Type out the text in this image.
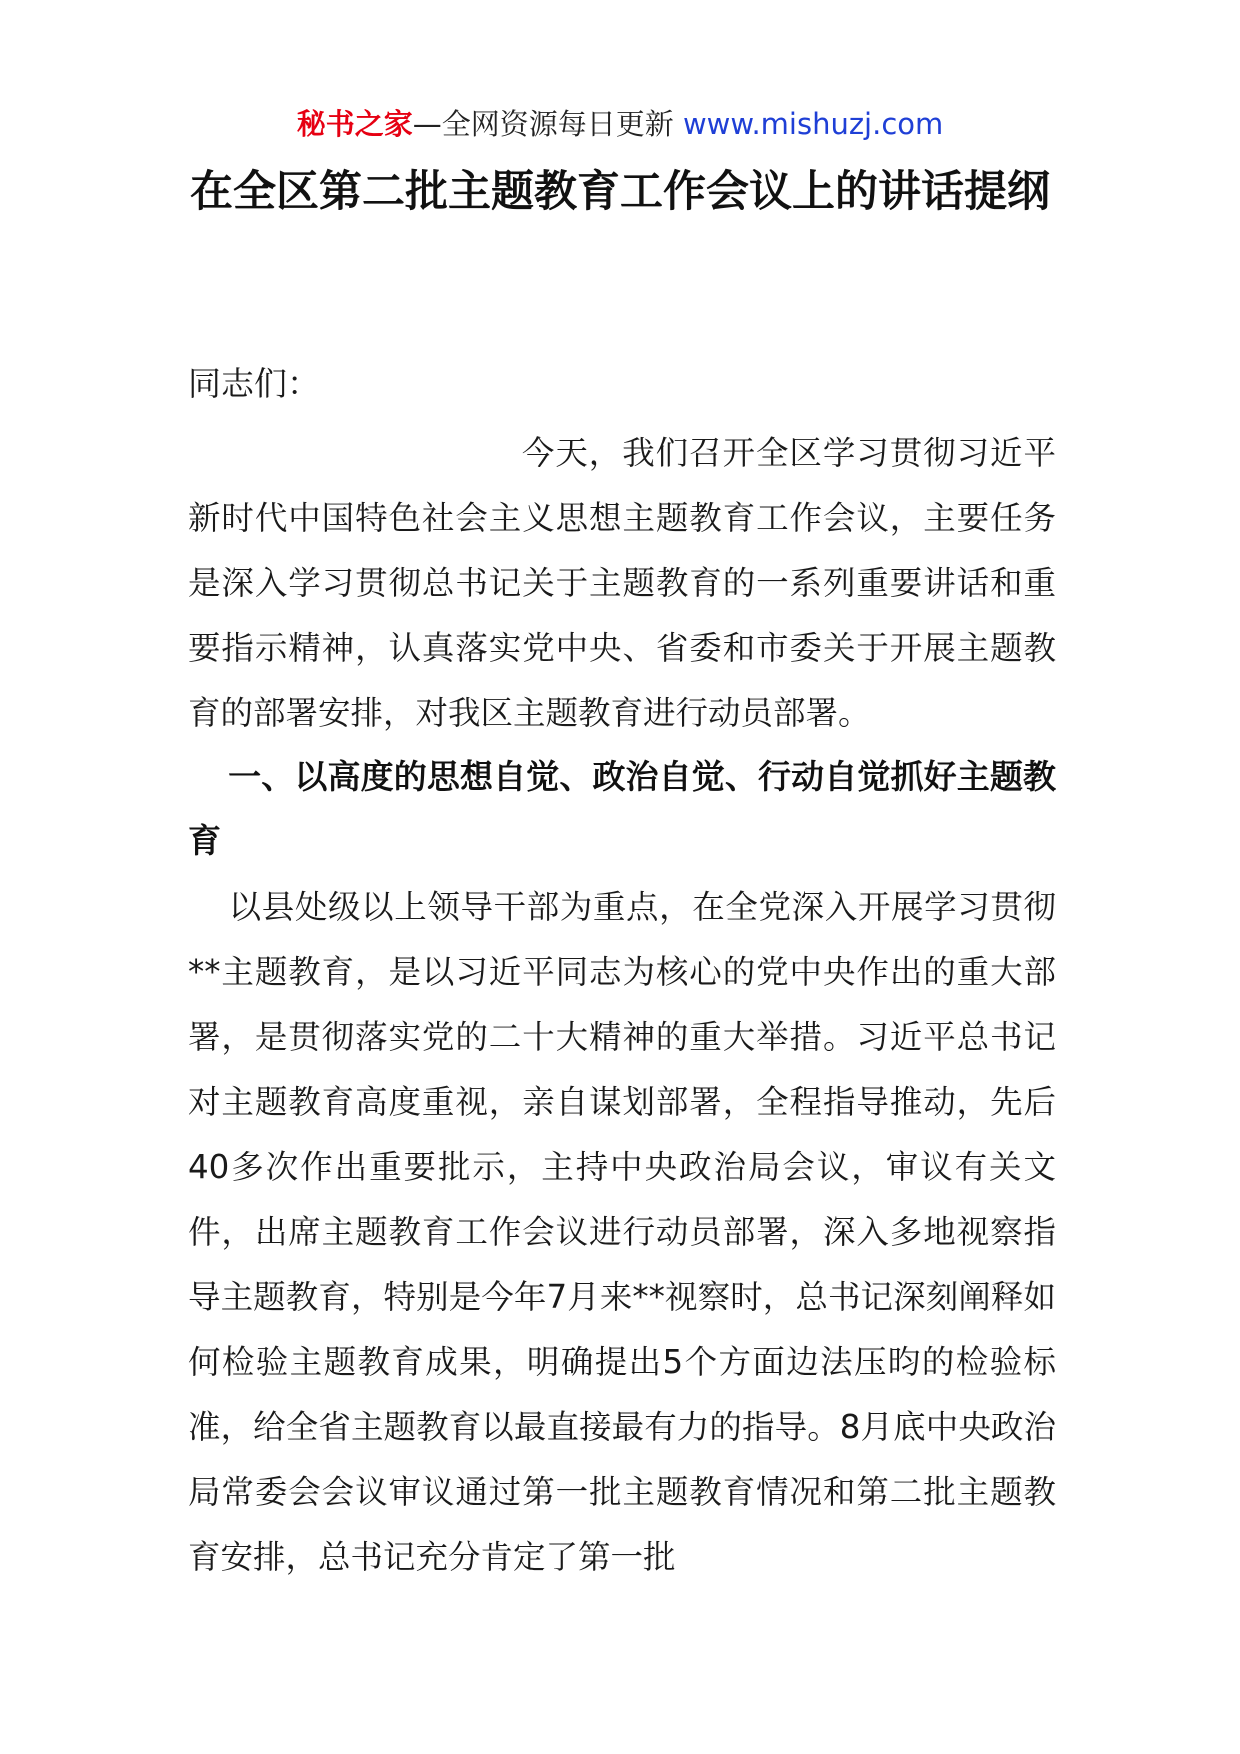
秘书之家—全网资源每日更新 www.mishuzj.com
在全区第二批主题教育工作会议上的讲话提纲
同志们：
今天，我们召开全区学习贯彻习近平新时代中国特色社会主义思想主题教育工作会议，主要任务是深入学习贯彻总书记关于主题教育的一系列重要讲话和重要指示精神，认真落实党中央、省委和市委关于开展主题教育的部署安排，对我区主题教育进行动员部署。
一、以高度的思想自觉、政治自觉、行动自觉抓好主题教育
以县处级以上领导干部为重点，在全党深入开展学习贯彻**主题教育，是以习近平同志为核心的党中央作出的重大部署，是贯彻落实党的二十大精神的重大举措。习近平总书记对主题教育高度重视，亲自谋划部署，全程指导推动，先后40多次作出重要批示，主持中央政治局会议，审议有关文件，出席主题教育工作会议进行动员部署，深入多地视察指导主题教育，特别是今年7月来**视察时，总书记深刻阐释如何检验主题教育成果，明确提出5个方面边法压昀的检验标准，给全省主题教育以最直接最有力的指导。8月底中央政治局常委会会议审议通过第一批主题教育情况和第二批主题教育安排，总书记充分肯定了第一批
